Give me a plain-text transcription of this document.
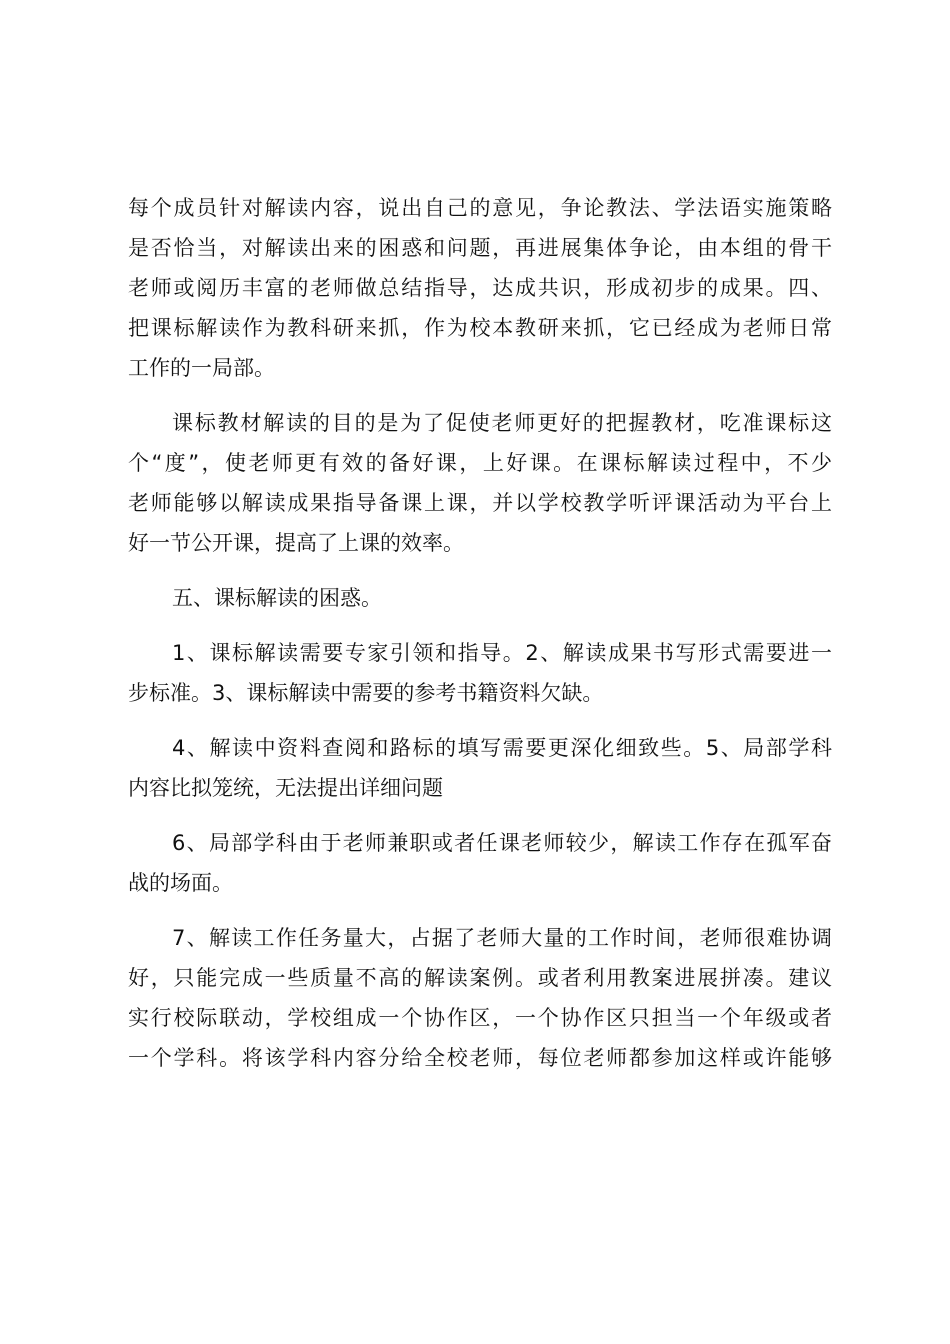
每个成员针对解读内容，说出自己的意见，争论教法、学法语实施策略
是否恰当，对解读出来的困惑和问题，再进展集体争论，由本组的骨干
老师或阅历丰富的老师做总结指导，达成共识，形成初步的成果。四、
把课标解读作为教科研来抓，作为校本教研来抓，它已经成为老师日常
工作的一局部。
课标教材解读的目的是为了促使老师更好的把握教材，吃准课标这
个“度”，使老师更有效的备好课，上好课。在课标解读过程中，不少
老师能够以解读成果指导备课上课，并以学校教学听评课活动为平台上
好一节公开课，提高了上课的效率。
五、课标解读的困惑。
1、课标解读需要专家引领和指导。2、解读成果书写形式需要进一
步标准。3、课标解读中需要的参考书籍资料欠缺。
4、解读中资料查阅和路标的填写需要更深化细致些。5、局部学科
内容比拟笼统，无法提出详细问题
6、局部学科由于老师兼职或者任课老师较少，解读工作存在孤军奋
战的场面。
7、解读工作任务量大，占据了老师大量的工作时间，老师很难协调
好，只能完成一些质量不高的解读案例。或者利用教案进展拼凑。建议
实行校际联动，学校组成一个协作区，一个协作区只担当一个年级或者
一个学科。将该学科内容分给全校老师，每位老师都参加这样或许能够
